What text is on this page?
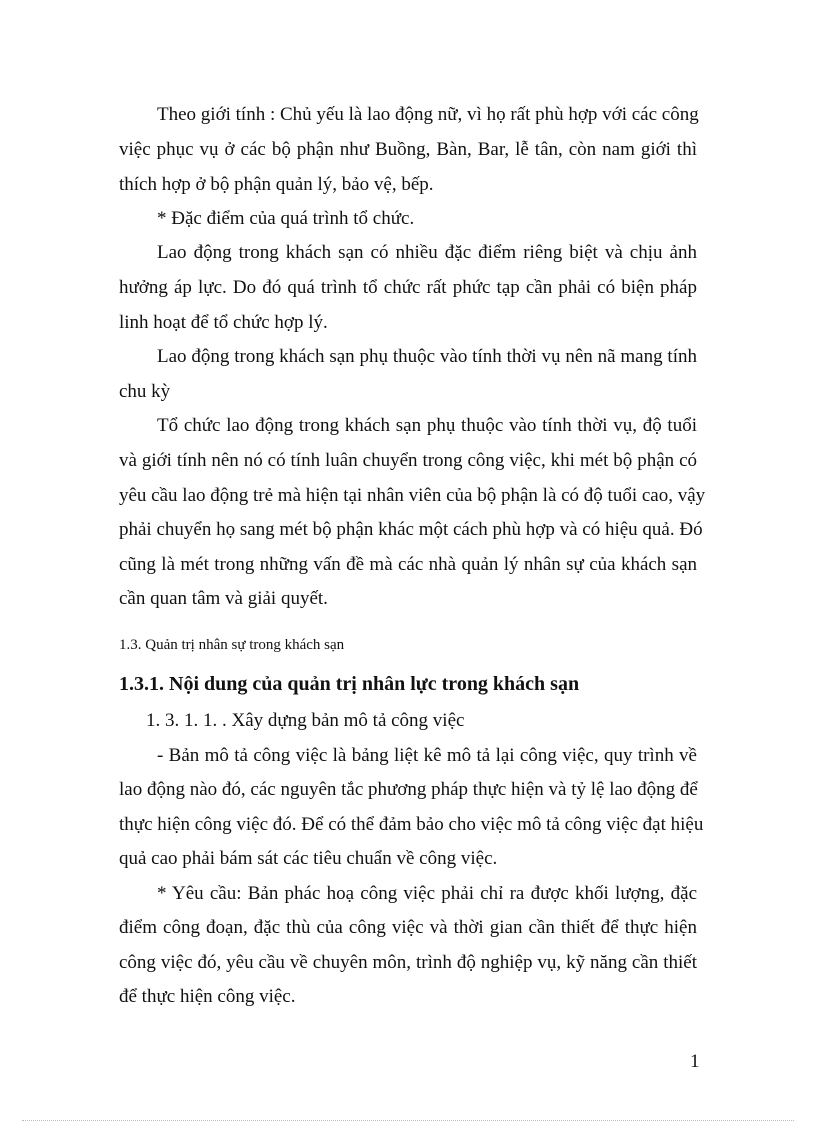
Theo giới tính : Chủ yếu là lao động nữ, vì họ rất phù hợp với các công
việc phục vụ ở các bộ phận như Buồng, Bàn, Bar, lễ tân, còn nam giới thì
thích hợp ở bộ phận quản lý, bảo vệ, bếp.
* Đặc điểm của quá trình tổ chức.
Lao động trong khách sạn có nhiều đặc điểm riêng biệt và chịu ảnh
hưởng áp lực. Do đó quá trình tổ chức rất phức tạp cần phải có biện pháp
linh hoạt để tổ chức hợp lý.
Lao động trong khách sạn phụ thuộc vào tính thời vụ nên nã mang tính
chu kỳ
Tổ chức lao động trong khách sạn phụ thuộc vào tính thời vụ, độ tuổi
và giới tính nên nó có tính luân chuyển trong công việc, khi mét bộ phận có
yêu cầu lao động trẻ mà hiện tại nhân viên của bộ phận là có độ tuổi cao, vậy
phải chuyển họ sang mét bộ phận khác một cách phù hợp và có hiệu quả. Đó
cũng là mét trong những vấn đề mà các nhà quản lý nhân sự của khách sạn
cần quan tâm và giải quyết.
1.3. Quản trị nhân sự trong khách sạn
1.3.1. Nội dung của quản trị nhân lực trong khách sạn
1. 3. 1. 1. . Xây dựng bản mô tả công việc
- Bản mô tả công việc là bảng liệt kê mô tả lại công việc, quy trình về
lao động nào đó, các nguyên tắc phương pháp thực hiện và tỷ lệ lao động để
thực hiện công việc đó. Để có thể đảm bảo cho việc mô tả công việc đạt hiệu
quả cao phải bám sát các tiêu chuẩn về công việc.
* Yêu cầu: Bản phác hoạ công việc phải chỉ ra được khối lượng, đặc
điểm công đoạn, đặc thù của công việc và thời gian cần thiết để thực hiện
công việc đó, yêu cầu về chuyên môn, trình độ nghiệp vụ, kỹ năng cần thiết
để thực hiện công việc.
1
